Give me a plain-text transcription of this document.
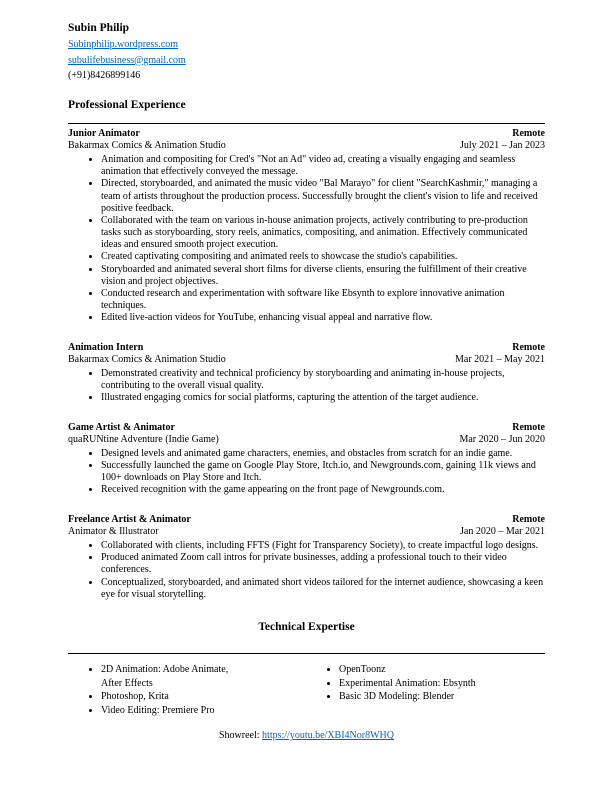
Subin Philip
Subinphilip.wordpress.com
subulifebusiness@gmail.com
(+91)8426899146
Professional Experience
Junior Animator	Remote
Bakarmax Comics & Animation Studio	July 2021 – Jan 2023
• Animation and compositing for Cred's "Not an Ad" video ad, creating a visually engaging and seamless animation that effectively conveyed the message.
• Directed, storyboarded, and animated the music video "Bal Marayo" for client "SearchKashmir," managing a team of artists throughout the production process. Successfully brought the client's vision to life and received positive feedback.
• Collaborated with the team on various in-house animation projects, actively contributing to pre-production tasks such as storyboarding, story reels, animatics, compositing, and animation. Effectively communicated ideas and ensured smooth project execution.
• Created captivating compositing and animated reels to showcase the studio's capabilities.
• Storyboarded and animated several short films for diverse clients, ensuring the fulfillment of their creative vision and project objectives.
• Conducted research and experimentation with software like Ebsynth to explore innovative animation techniques.
• Edited live-action videos for YouTube, enhancing visual appeal and narrative flow.
Animation Intern	Remote
Bakarmax Comics & Animation Studio	Mar 2021 – May 2021
• Demonstrated creativity and technical proficiency by storyboarding and animating in-house projects, contributing to the overall visual quality.
• Illustrated engaging comics for social platforms, capturing the attention of the target audience.
Game Artist & Animator	Remote
quaRUNtine Adventure (Indie Game)	Mar 2020 – Jun 2020
• Designed levels and animated game characters, enemies, and obstacles from scratch for an indie game.
• Successfully launched the game on Google Play Store, Itch.io, and Newgrounds.com, gaining 11k views and 100+ downloads on Play Store and Itch.
• Received recognition with the game appearing on the front page of Newgrounds.com.
Freelance Artist & Animator	Remote
Animator & Illustrator	Jan 2020 – Mar 2021
• Collaborated with clients, including FFTS (Fight for Transparency Society), to create impactful logo designs.
• Produced animated Zoom call intros for private businesses, adding a professional touch to their video conferences.
• Conceptualized, storyboarded, and animated short videos tailored for the internet audience, showcasing a keen eye for visual storytelling.
Technical Expertise
• 2D Animation: Adobe Animate, After Effects
• Photoshop, Krita
• Video Editing: Premiere Pro
• OpenToonz
• Experimental Animation: Ebsynth
• Basic 3D Modeling: Blender
Showreel: https://youtu.be/XBI4Nor8WHQ
